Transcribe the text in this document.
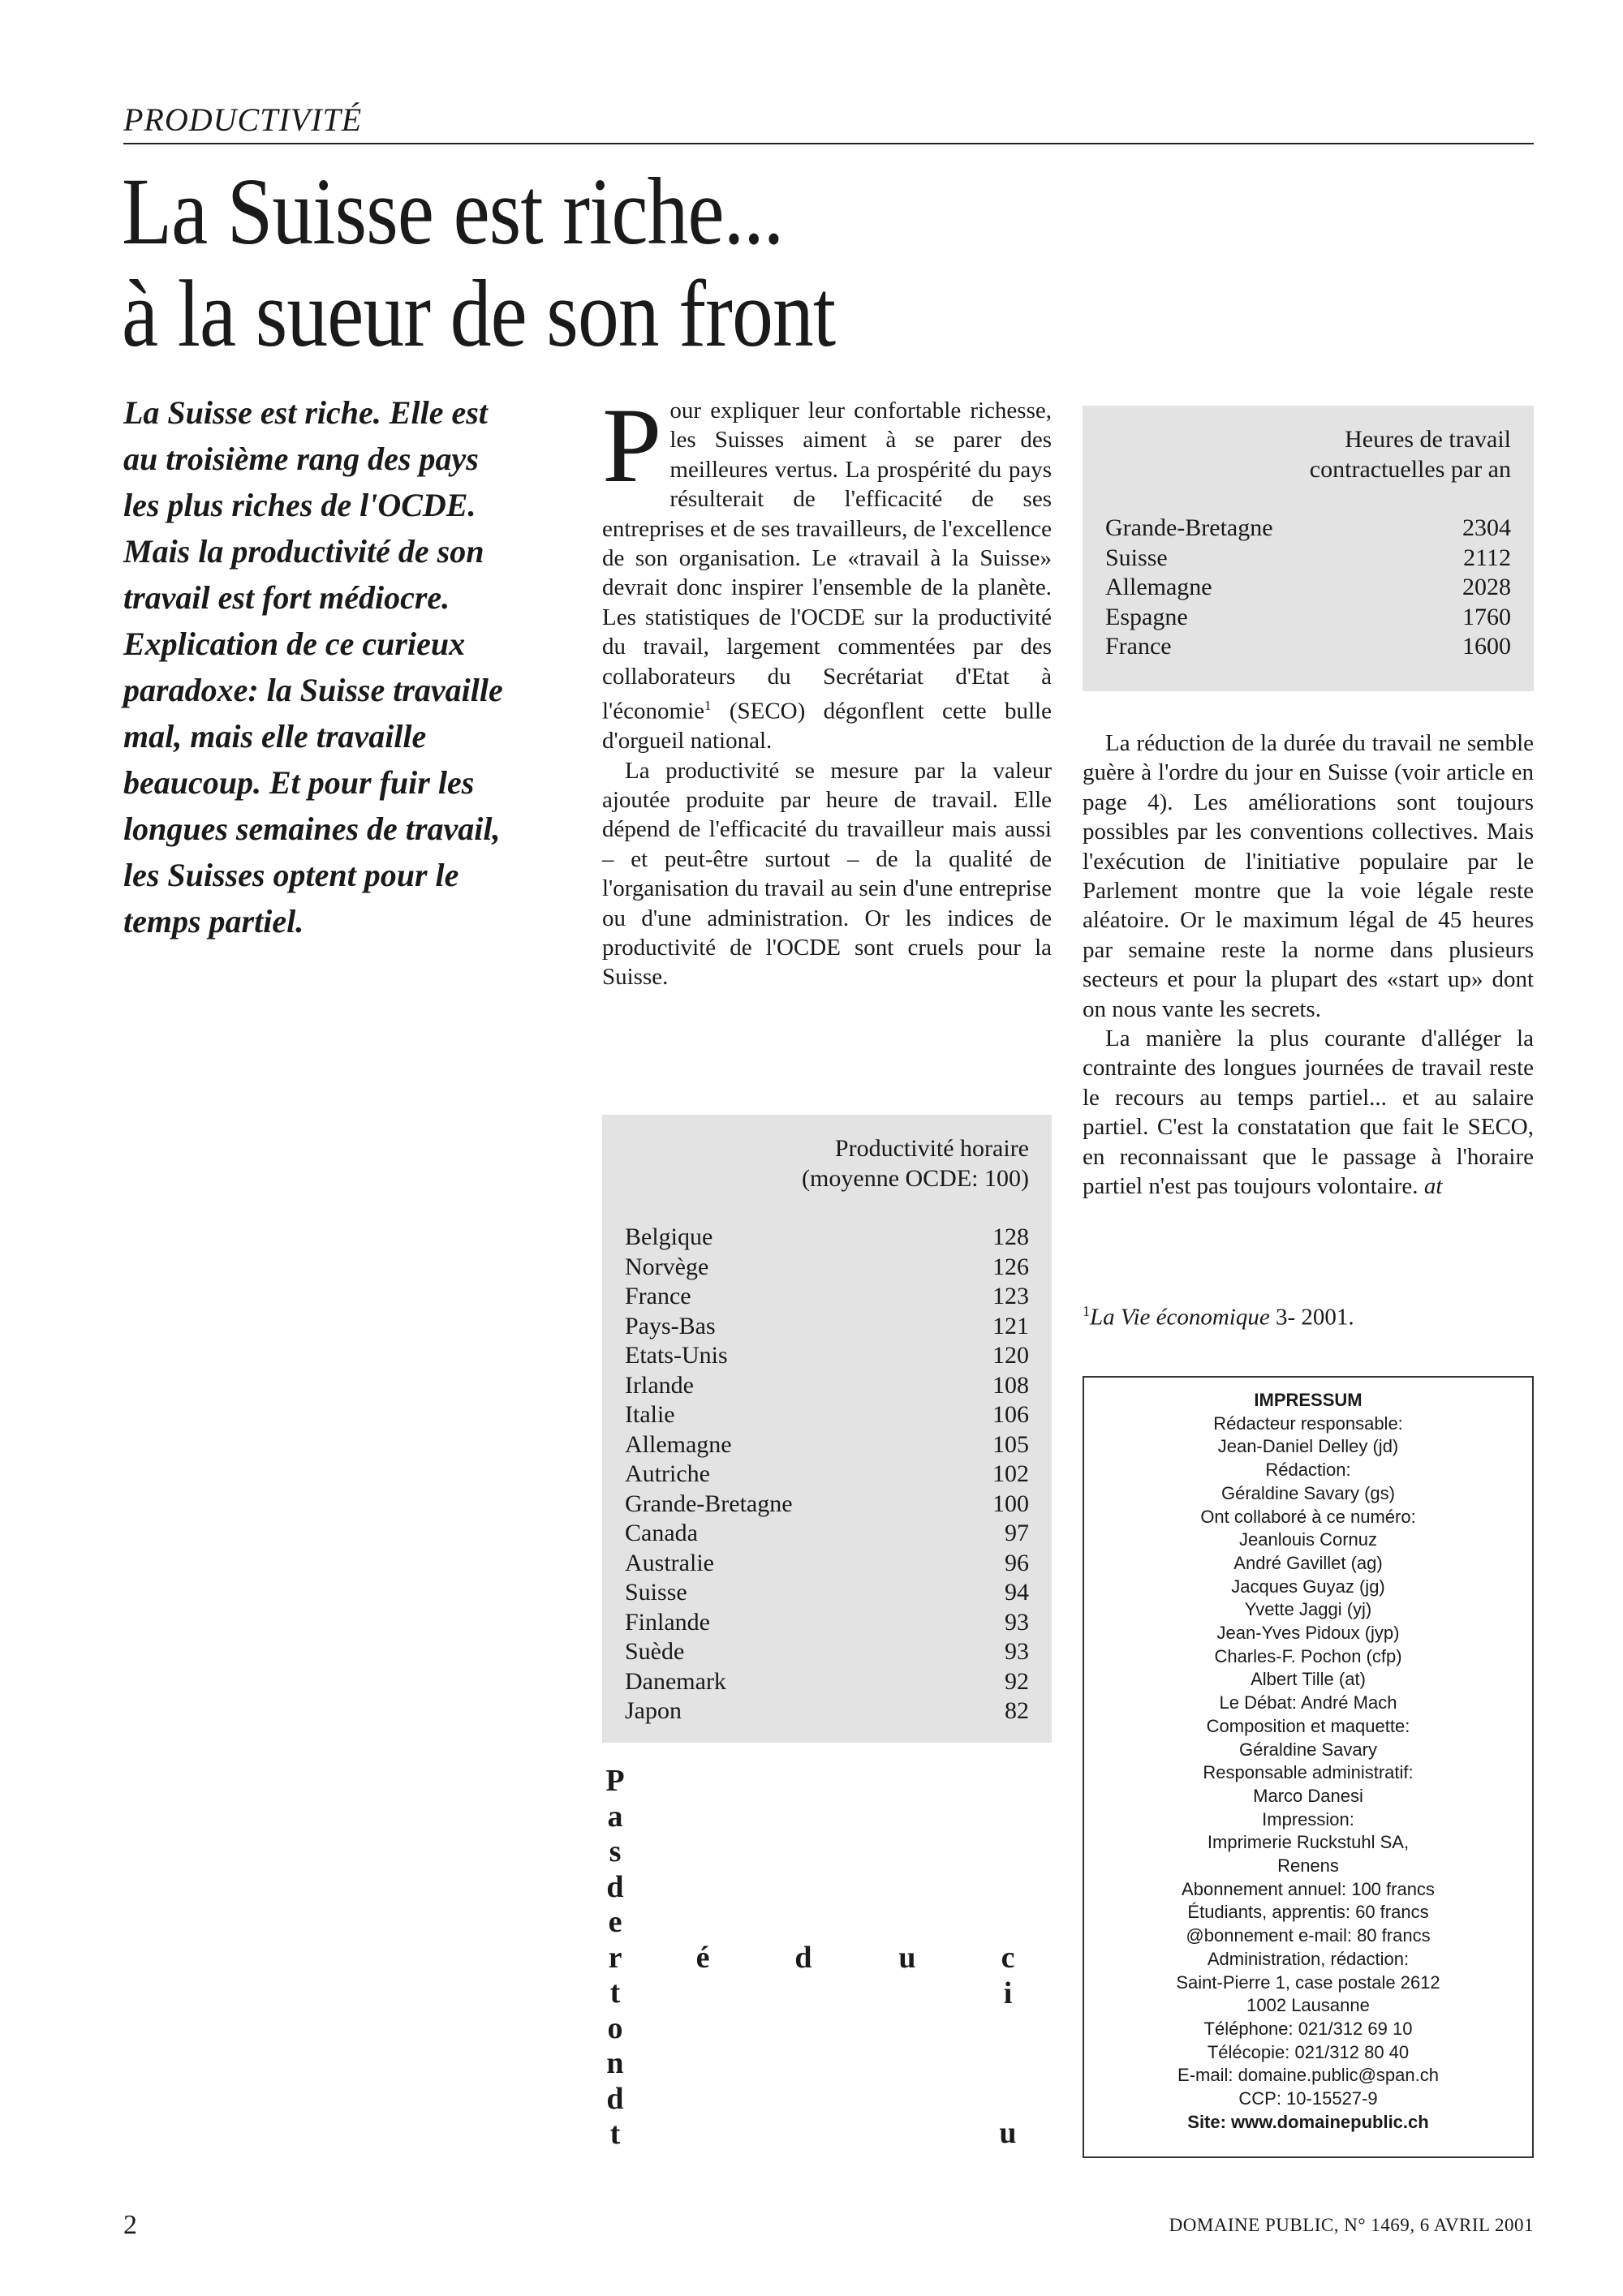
PRODUCTIVITÉ
La Suisse est riche...
à la sueur de son front
La Suisse est riche. Elle est
au troisième rang des pays
les plus riches de l'OCDE.
Mais la productivité de son
travail est fort médiocre.
Explication de ce curieux
paradoxe: la Suisse travaille
mal, mais elle travaille
beaucoup. Et pour fuir les
longues semaines de travail,
les Suisses optent pour le
temps partiel.

Pour expliquer leur confortable richesse, les Suisses aiment à se parer des meilleures vertus. La prospérité du pays résulterait de l'efficacité de ses entreprises et de ses travailleurs, de l'excellence de son organisation. Le «travail à la Suisse» devrait donc inspirer l'ensemble de la planète. Les statistiques de l'OCDE sur la productivité du travail, largement commentées par des collaborateurs du Secrétariat d'Etat à l'économie$^1$ (SECO) dégonflent cette bulle d'orgueil national.

La productivité se mesure par la valeur ajoutée produite par heure de travail. Elle dépend de l'efficacité du travailleur mais aussi – et peut-être surtout – de la qualité de l'organisation du travail au sein d'une entreprise ou d'une administration. Or les indices de productivité de l'OCDE sont cruels pour la Suisse.

Heures de travail
contractuelles par an
Grande-Bretagne	2304
Suisse	2112
Allemagne	2028
Espagne	1760
France	1600

La réduction de la durée du travail ne semble guère à l'ordre du jour en Suisse (voir article en page 4). Les améliorations sont toujours possibles par les conventions collectives. Mais l'exécution de l'initiative populaire par le Parlement montre que la voie légale reste aléatoire. Or le maximum légal de 45 heures par semaine reste la norme dans plusieurs secteurs et pour la plupart des «start up» dont on nous vante les secrets.

La manière la plus courante d'alléger la contrainte des longues journées de travail reste le recours au temps partiel... et au salaire partiel. C'est la constatation que fait le SECO, en reconnaissant que le passage à l'horaire partiel n'est pas toujours volontaire. at

$^1$La Vie économique 3- 2001.
Productivité horaire
(moyenne OCDE: 100)
Belgique	128
Norvège	126
France	123
Pays-Bas	121
Etats-Unis	120
Irlande	108
Italie	106
Allemagne	105
Autriche	102
Grande-Bretagne	100
Canada	97
Australie	96
Suisse	94
Finlande	93
Suède	93
Danemark	92
Japon	82
P
a
s
d
e
r
t
o
n
d
t
é	d	u	c
i
u
IMPRESSUM
Rédacteur responsable:
Jean-Daniel Delley (jd)
Rédaction:
Géraldine Savary (gs)
Ont collaboré à ce numéro:
Jeanlouis Cornuz
André Gavillet (ag)
Jacques Guyaz (jg)
Yvette Jaggi (yj)
Jean-Yves Pidoux (jyp)
Charles-F. Pochon (cfp)
Albert Tille (at)
Le Débat: André Mach
Composition et maquette:
Géraldine Savary
Responsable administratif:
Marco Danesi
Impression:
Imprimerie Ruckstuhl SA,
Renens
Abonnement annuel: 100 francs
Étudiants, apprentis: 60 francs
@bonnement e-mail: 80 francs
Administration, rédaction:
Saint-Pierre 1, case postale 2612
1002 Lausanne
Téléphone: 021/312 69 10
Télécopie: 021/312 80 40
E-mail: domaine.public@span.ch
CCP: 10-15527-9
Site: www.domainepublic.ch
2	DOMAINE PUBLIC, N° 1469, 6 AVRIL 2001
